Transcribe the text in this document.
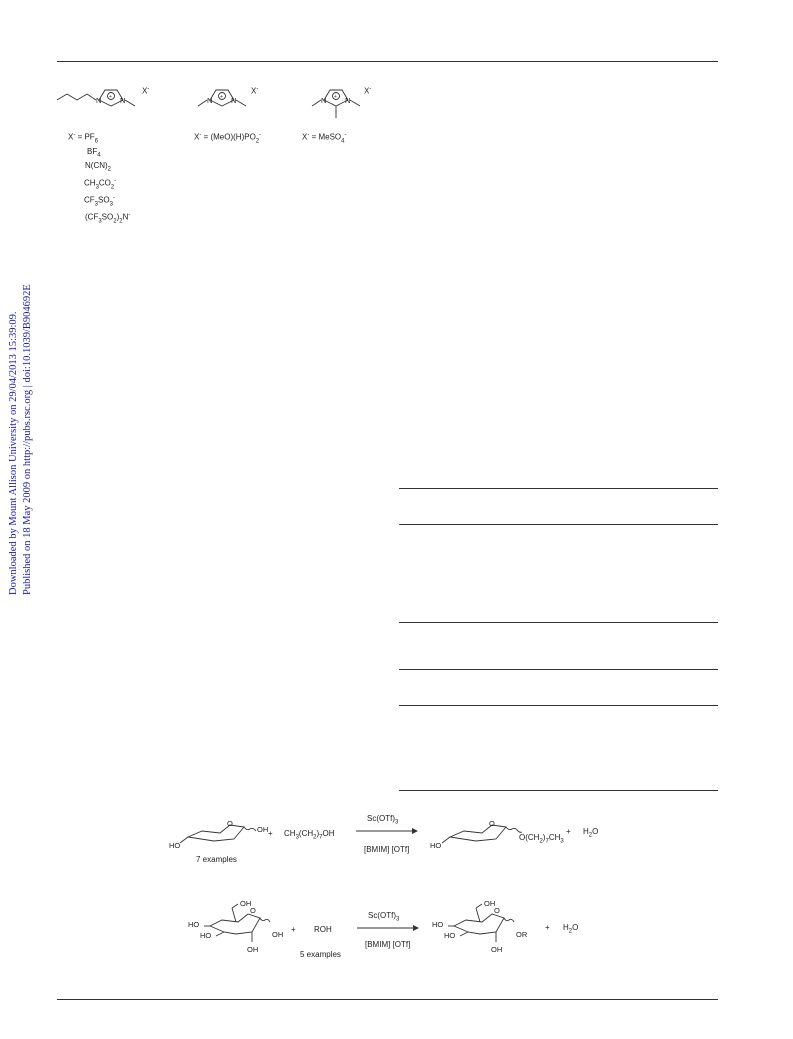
Downloaded by Mount Allison University on 29/04/2013 15:39:09. Published on 18 May 2009 on http://pubs.rsc.org | doi:10.1039/B904692E
+
N N
X-
$X^- = PF_6$
$BF_4$
$N(CN)_2$
$CH_3CO_2^-$
$CF_3SO_3^-$
$(CF_3SO_2)_2N^-$
+
N N
X-
$X^- = (MeO)(H)PO_2^-$
+
N N
X-
X- = MeSO$_4$-
HO
O
OH
7 examples
+ $CH_3(CH_2)_7OH$
$Sc(OTf)_3$
[BMIM] [OTf]	HO
O
$O(CH_2)_7CH_3$
+ $H_2O$
OH
O
HO
HO
OH
OH
+ ROH
5 examples
$Sc(OTf)_3$
[BMIM] [OTf]
OH
O
HO
HO
OH
OR
+ $H_2O$
